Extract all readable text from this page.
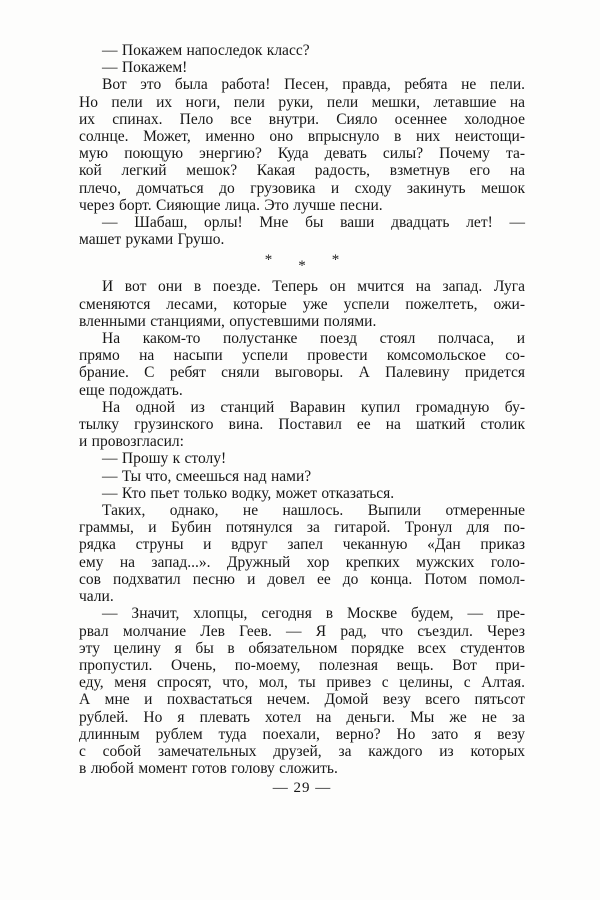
— Покажем напоследок класс?
— Покажем!
Вот это была работа! Песен, правда, ребята не пели.
Но пели их ноги, пели руки, пели мешки, летавшие на
их спинах. Пело все внутри. Сияло осеннее холодное
солнце. Может, именно оно впрыснуло в них неистощи-
мую поющую энергию? Куда девать силы? Почему та-
кой легкий мешок? Какая радость, взметнув его на
плечо, домчаться до грузовика и сходу закинуть мешок
через борт. Сияющие лица. Это лучше песни.
— Шабаш, орлы! Мне бы ваши двадцать лет! —
машет руками Грушо.
* * *
И вот они в поезде. Теперь он мчится на запад. Луга
сменяются лесами, которые уже успели пожелтеть, ожи-
вленными станциями, опустевшими полями.
На каком-то полустанке поезд стоял полчаса, и
прямо на насыпи успели провести комсомольское со-
брание. С ребят сняли выговоры. А Палевину придется
еще подождать.
На одной из станций Варавин купил громадную бу-
тылку грузинского вина. Поставил ее на шаткий столик
и провозгласил:
— Прошу к столу!
— Ты что, смеешься над нами?
— Кто пьет только водку, может отказаться.
Таких, однако, не нашлось. Выпили отмеренные
граммы, и Бубин потянулся за гитарой. Тронул для по-
рядка струны и вдруг запел чеканную «Дан приказ
ему на запад...». Дружный хор крепких мужских голо-
сов подхватил песню и довел ее до конца. Потом помол-
чали.
— Значит, хлопцы, сегодня в Москве будем, — пре-
рвал молчание Лев Геев. — Я рад, что съездил. Через
эту целину я бы в обязательном порядке всех студентов
пропустил. Очень, по-моему, полезная вещь. Вот при-
еду, меня спросят, что, мол, ты привез с целины, с Алтая.
А мне и похвастаться нечем. Домой везу всего пятьсот
рублей. Но я плевать хотел на деньги. Мы же не за
длинным рублем туда поехали, верно? Но зато я везу
с собой замечательных друзей, за каждого из которых
в любой момент готов голову сложить.
— 29 —
